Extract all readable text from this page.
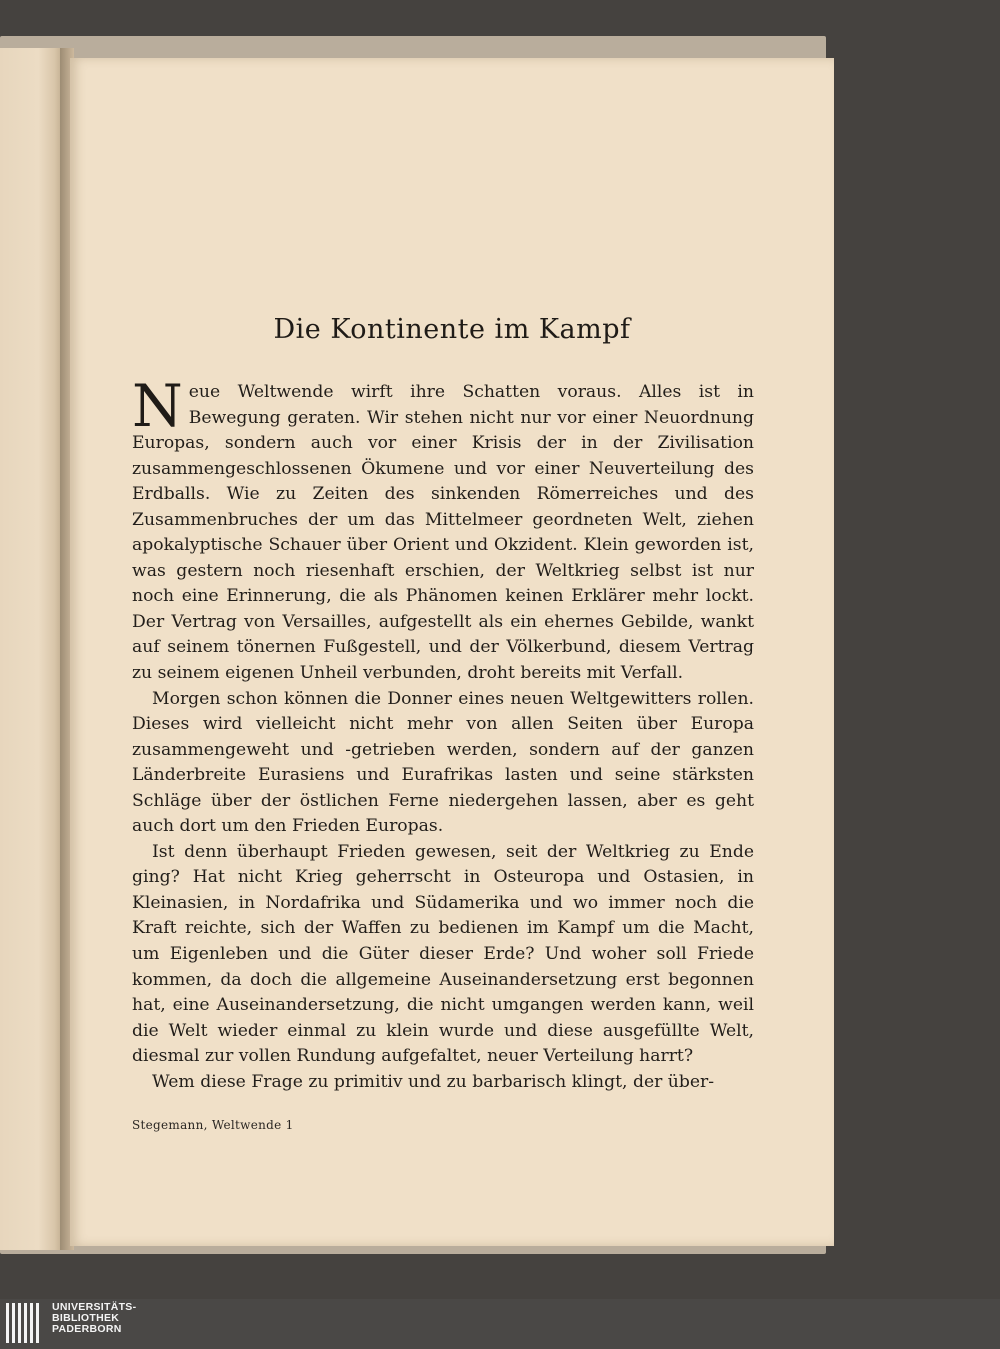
Die Kontinente im Kampf

Neue Weltwende wirft ihre Schatten voraus. Alles ist in Bewegung geraten. Wir stehen nicht nur vor einer Neuordnung Europas, sondern auch vor einer Krisis der in der Zivilisation zusammengeschlossenen Ökumene und vor einer Neuverteilung des Erdballs. Wie zu Zeiten des sinkenden Römerreiches und des Zusammenbruches der um das Mittelmeer geordneten Welt, ziehen apokalyptische Schauer über Orient und Okzident. Klein geworden ist, was gestern noch riesenhaft erschien, der Weltkrieg selbst ist nur noch eine Erinnerung, die als Phänomen keinen Erklärer mehr lockt. Der Vertrag von Versailles, aufgestellt als ein ehernes Gebilde, wankt auf seinem tönernen Fußgestell, und der Völkerbund, diesem Vertrag zu seinem eigenen Unheil verbunden, droht bereits mit Verfall.

Morgen schon können die Donner eines neuen Weltgewitters rollen. Dieses wird vielleicht nicht mehr von allen Seiten über Europa zusammengeweht und -getrieben werden, sondern auf der ganzen Länderbreite Eurasiens und Eurafrikas lasten und seine stärksten Schläge über der östlichen Ferne niedergehen lassen, aber es geht auch dort um den Frieden Europas.

Ist denn überhaupt Frieden gewesen, seit der Weltkrieg zu Ende ging? Hat nicht Krieg geherrscht in Osteuropa und Ostasien, in Kleinasien, in Nordafrika und Südamerika und wo immer noch die Kraft reichte, sich der Waffen zu bedienen im Kampf um die Macht, um Eigenleben und die Güter dieser Erde? Und woher soll Friede kommen, da doch die allgemeine Auseinandersetzung erst begonnen hat, eine Auseinandersetzung, die nicht umgangen werden kann, weil die Welt wieder einmal zu klein wurde und diese ausgefüllte Welt, diesmal zur vollen Rundung aufgefaltet, neuer Verteilung harrt?

Wem diese Frage zu primitiv und zu barbarisch klingt, der über-

Stegemann, Weltwende 1
UNIVERSITÄTS-
BIBLIOTHEK
PADERBORN
